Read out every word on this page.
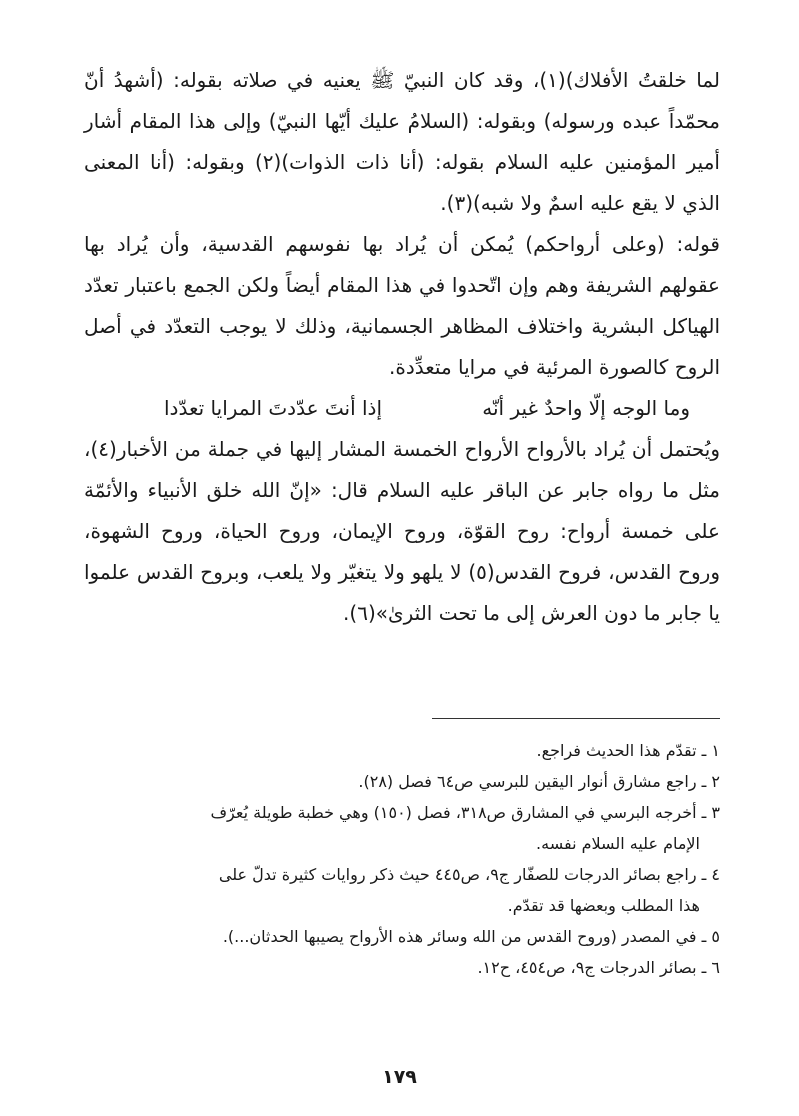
لما خلقتُ الأفلاك)(١)، وقد كان النبيّ ﷺ يعنيه في صلاته بقوله: (أشهدُ أنّ محمّداً عبده ورسوله) وبقوله: (السلامُ عليك أيّها النبيّ) وإلى هذا المقام أشار أمير المؤمنين عليه السلام بقوله: (أنا ذات الذوات)(٢) وبقوله: (أنا المعنى الذي لا يقع عليه اسمٌ ولا شبه)(٣).

قوله: (وعلى أرواحكم) يُمكن أن يُراد بها نفوسهم القدسية، وأن يُراد بها عقولهم الشريفة وهم وإن اتّحدوا في هذا المقام أيضاً ولكن الجمع باعتبار تعدّد الهياكل البشرية واختلاف المظاهر الجسمانية، وذلك لا يوجب التعدّد في أصل الروح كالصورة المرئية في مرايا متعدِّدة.

وما الوجه إلّا واحدٌ غير أنّه
إذا أنتَ عدّدتَ المرايا تعدّدا

ويُحتمل أن يُراد بالأرواح الأرواح الخمسة المشار إليها في جملة من الأخبار(٤)، مثل ما رواه جابر عن الباقر عليه السلام قال: «إنّ الله خلق الأنبياء والأئمّة على خمسة أرواح: روح القوّة، وروح الإيمان، وروح الحياة، وروح الشهوة، وروح القدس، فروح القدس(٥) لا يلهو ولا يتغيّر ولا يلعب، وبروح القدس علموا يا جابر ما دون العرش إلى ما تحت الثرىٰ»(٦).

١ ـ تقدّم هذا الحديث فراجع.

٢ ـ راجع مشارق أنوار اليقين للبرسي ص٦٤ فصل (٢٨).

٣ ـ أخرجه البرسي في المشارق ص٣١٨، فصل (١٥٠) وهي خطبة طويلة يُعرّف

الإمام عليه السلام نفسه.

٤ ـ راجع بصائر الدرجات للصفّار ج٩، ص٤٤٥ حيث ذكر روايات كثيرة تدلّ على

هذا المطلب وبعضها قد تقدّم.

٥ ـ في المصدر (وروح القدس من الله وسائر هذه الأرواح يصيبها الحدثان...).

٦ ـ بصائر الدرجات ج٩، ص٤٥٤، ح١٢.

١٧٩
